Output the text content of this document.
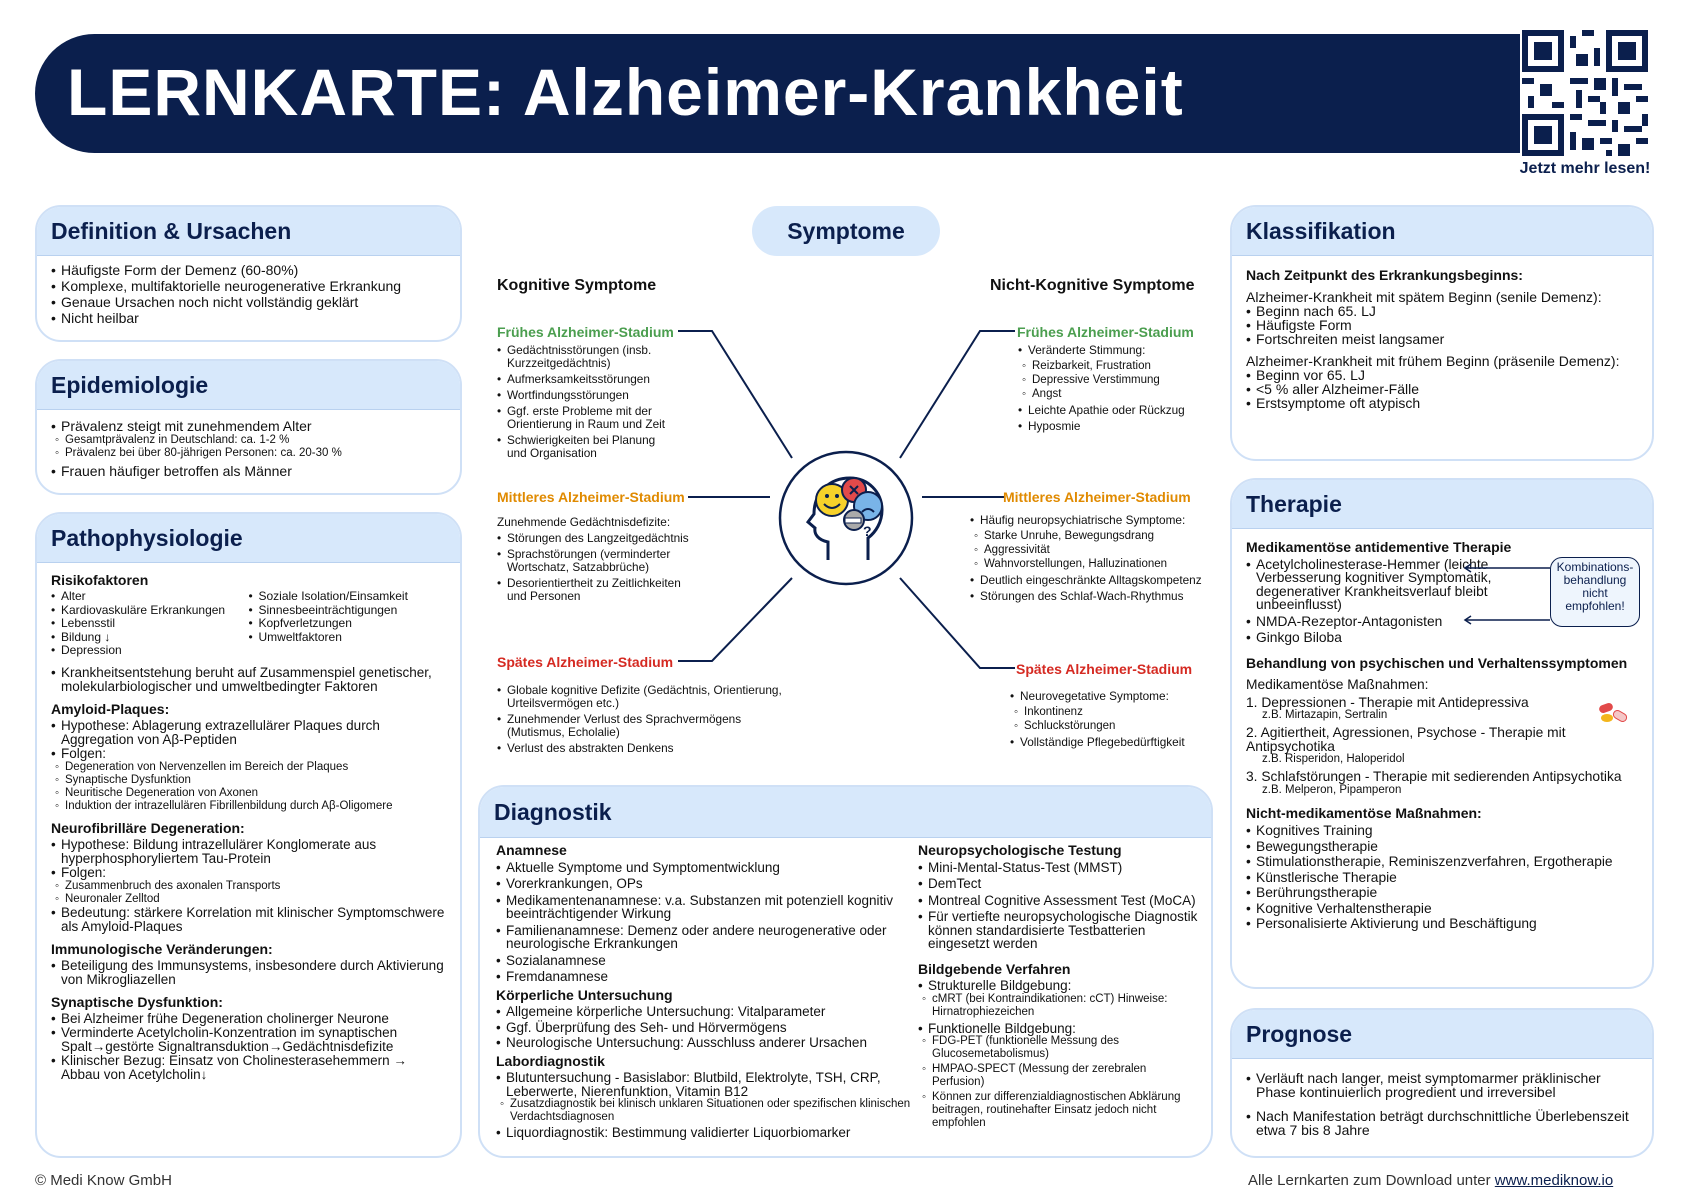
LERNKARTE: Alzheimer-Krankheit
Jetzt mehr lesen!
Definition & Ursachen
• Häufigste Form der Demenz (60-80%)
• Komplexe, multifaktorielle neurogenerative Erkrankung
• Genaue Ursachen noch nicht vollständig geklärt
• Nicht heilbar
Epidemiologie
• Prävalenz steigt mit zunehmendem Alter
◦ Gesamtprävalenz in Deutschland: ca. 1-2 %
◦ Prävalenz bei über 80-jährigen Personen: ca. 20-30 %
• Frauen häufiger betroffen als Männer
Pathophysiologie
Risikofaktoren
• Alter
• Kardiovaskuläre Erkrankungen
• Lebensstil
• Bildung ↓
• Depression
• Soziale Isolation/Einsamkeit
• Sinnesbeeinträchtigungen
• Kopfverletzungen
• Umweltfaktoren
• Krankheitsentstehung beruht auf Zusammenspiel genetischer, molekularbiologischer und umweltbedingter Faktoren
Amyloid-Plaques:
• Hypothese: Ablagerung extrazellulärer Plaques durch Aggregation von Aβ-Peptiden
• Folgen:
◦ Degeneration von Nervenzellen im Bereich der Plaques
◦ Synaptische Dysfunktion
◦ Neuritische Degeneration von Axonen
◦ Induktion der intrazellulären Fibrillenbildung durch Aβ-Oligomere
Neurofibrilläre Degeneration:
• Hypothese: Bildung intrazellulärer Konglomerate aus hyperphosphoryliertem Tau-Protein
• Folgen:
◦ Zusammenbruch des axonalen Transports
◦ Neuronaler Zelltod
• Bedeutung: stärkere Korrelation mit klinischer Symptomschwere als Amyloid-Plaques
Immunologische Veränderungen:
• Beteiligung des Immunsystems, insbesondere durch Aktivierung von Mikrogliazellen
Synaptische Dysfunktion:
• Bei Alzheimer frühe Degeneration cholinerger Neurone
• Verminderte Acetylcholin-Konzentration im synaptischen Spalt→gestörte Signaltransduktion→Gedächtnisdefizite
• Klinischer Bezug: Einsatz von Cholinesterasehemmern → Abbau von Acetylcholin↓
Symptome
Kognitive Symptome	Nicht-Kognitive Symptome
?
Frühes Alzheimer-Stadium
• Gedächtnisstörungen (insb. Kurzzeitgedächtnis)
• Aufmerksamkeitsstörungen
• Wortfindungsstörungen
• Ggf. erste Probleme mit der Orientierung in Raum und Zeit
• Schwierigkeiten bei Planung und Organisation
Mittleres Alzheimer-Stadium
Zunehmende Gedächtnisdefizite:
• Störungen des Langzeitgedächtnis
• Sprachstörungen (verminderter Wortschatz, Satzabbrüche)
• Desorientiertheit zu Zeitlichkeiten und Personen
Spätes Alzheimer-Stadium
• Globale kognitive Defizite (Gedächtnis, Orientierung, Urteilsvermögen etc.)
• Zunehmender Verlust des Sprachvermögens (Mutismus, Echolalie)
• Verlust des abstrakten Denkens
Frühes Alzheimer-Stadium
• Veränderte Stimmung:
◦ Reizbarkeit, Frustration
◦ Depressive Verstimmung
◦ Angst
• Leichte Apathie oder Rückzug
• Hyposmie
Mittleres Alzheimer-Stadium
• Häufig neuropsychiatrische Symptome:
◦ Starke Unruhe, Bewegungsdrang
◦ Aggressivität
◦ Wahnvorstellungen, Halluzinationen
• Deutlich eingeschränkte Alltagskompetenz
• Störungen des Schlaf-Wach-Rhythmus
Spätes Alzheimer-Stadium
• Neurovegetative Symptome:
◦ Inkontinenz
◦ Schluckstörungen
• Vollständige Pflegebedürftigkeit
Diagnostik
Anamnese
• Aktuelle Symptome und Symptomentwicklung
• Vorerkrankungen, OPs
• Medikamentenanamnese: v.a. Substanzen mit potenziell kognitiv beeinträchtigender Wirkung
• Familienanamnese: Demenz oder andere neurogenerative oder neurologische Erkrankungen
• Sozialanamnese
• Fremdanamnese
Körperliche Untersuchung
• Allgemeine körperliche Untersuchung: Vitalparameter
• Ggf. Überprüfung des Seh- und Hörvermögens
• Neurologische Untersuchung: Ausschluss anderer Ursachen
Labordiagnostik
• Blutuntersuchung - Basislabor: Blutbild, Elektrolyte, TSH, CRP, Leberwerte, Nierenfunktion, Vitamin B12
◦ Zusatzdiagnostik bei klinisch unklaren Situationen oder spezifischen klinischen Verdachtsdiagnosen
• Liquordiagnostik: Bestimmung validierter Liquorbiomarker
Neuropsychologische Testung
• Mini-Mental-Status-Test (MMST)
• DemTect
• Montreal Cognitive Assessment Test (MoCA)
• Für vertiefte neuropsychologische Diagnostik können standardisierte Testbatterien eingesetzt werden
Bildgebende Verfahren
• Strukturelle Bildgebung:
◦ cMRT (bei Kontraindikationen: cCT) Hinweise: Hirnatrophiezeichen
• Funktionelle Bildgebung:
◦ FDG-PET (funktionelle Messung des Glucosemetabolismus)
◦ HMPAO-SPECT (Messung der zerebralen Perfusion)
◦ Können zur differenzialdiagnostischen Abklärung beitragen, routinehafter Einsatz jedoch nicht empfohlen
Klassifikation
Nach Zeitpunkt des Erkrankungsbeginns:
Alzheimer-Krankheit mit spätem Beginn (senile Demenz):
• Beginn nach 65. LJ
• Häufigste Form
• Fortschreiten meist langsamer
Alzheimer-Krankheit mit frühem Beginn (präsenile Demenz):
• Beginn vor 65. LJ
• <5 % aller Alzheimer-Fälle
• Erstsymptome oft atypisch
Therapie
Medikamentöse antidementive Therapie
• Acetylcholinesterase-Hemmer (leichte Verbesserung kognitiver Symptomatik, degenerativer Krankheitsverlauf bleibt unbeeinflusst)
• NMDA-Rezeptor-Antagonisten
• Ginkgo Biloba
Behandlung von psychischen und Verhaltenssymptomen
Medikamentöse Maßnahmen:
1. Depressionen - Therapie mit Antidepressiva
z.B. Mirtazapin, Sertralin
2. Agitiertheit, Agressionen, Psychose - Therapie mit Antipsychotika
z.B. Risperidon, Haloperidol
3. Schlafstörungen - Therapie mit sedierenden Antipsychotika
z.B. Melperon, Pipamperon
Nicht-medikamentöse Maßnahmen:
• Kognitives Training
• Bewegungstherapie
• Stimulationstherapie, Reminiszenzverfahren, Ergotherapie
• Künstlerische Therapie
• Berührungstherapie
• Kognitive Verhaltenstherapie
• Personalisierte Aktivierung und Beschäftigung
Kombinations-behandlung nicht empfohlen!
Prognose
• Verläuft nach langer, meist symptomarmer präklinischer Phase kontinuierlich progredient und irreversibel
• Nach Manifestation beträgt durchschnittliche Überlebenszeit etwa 7 bis 8 Jahre
© Medi Know GmbH	Alle Lernkarten zum Download unter www.mediknow.io
